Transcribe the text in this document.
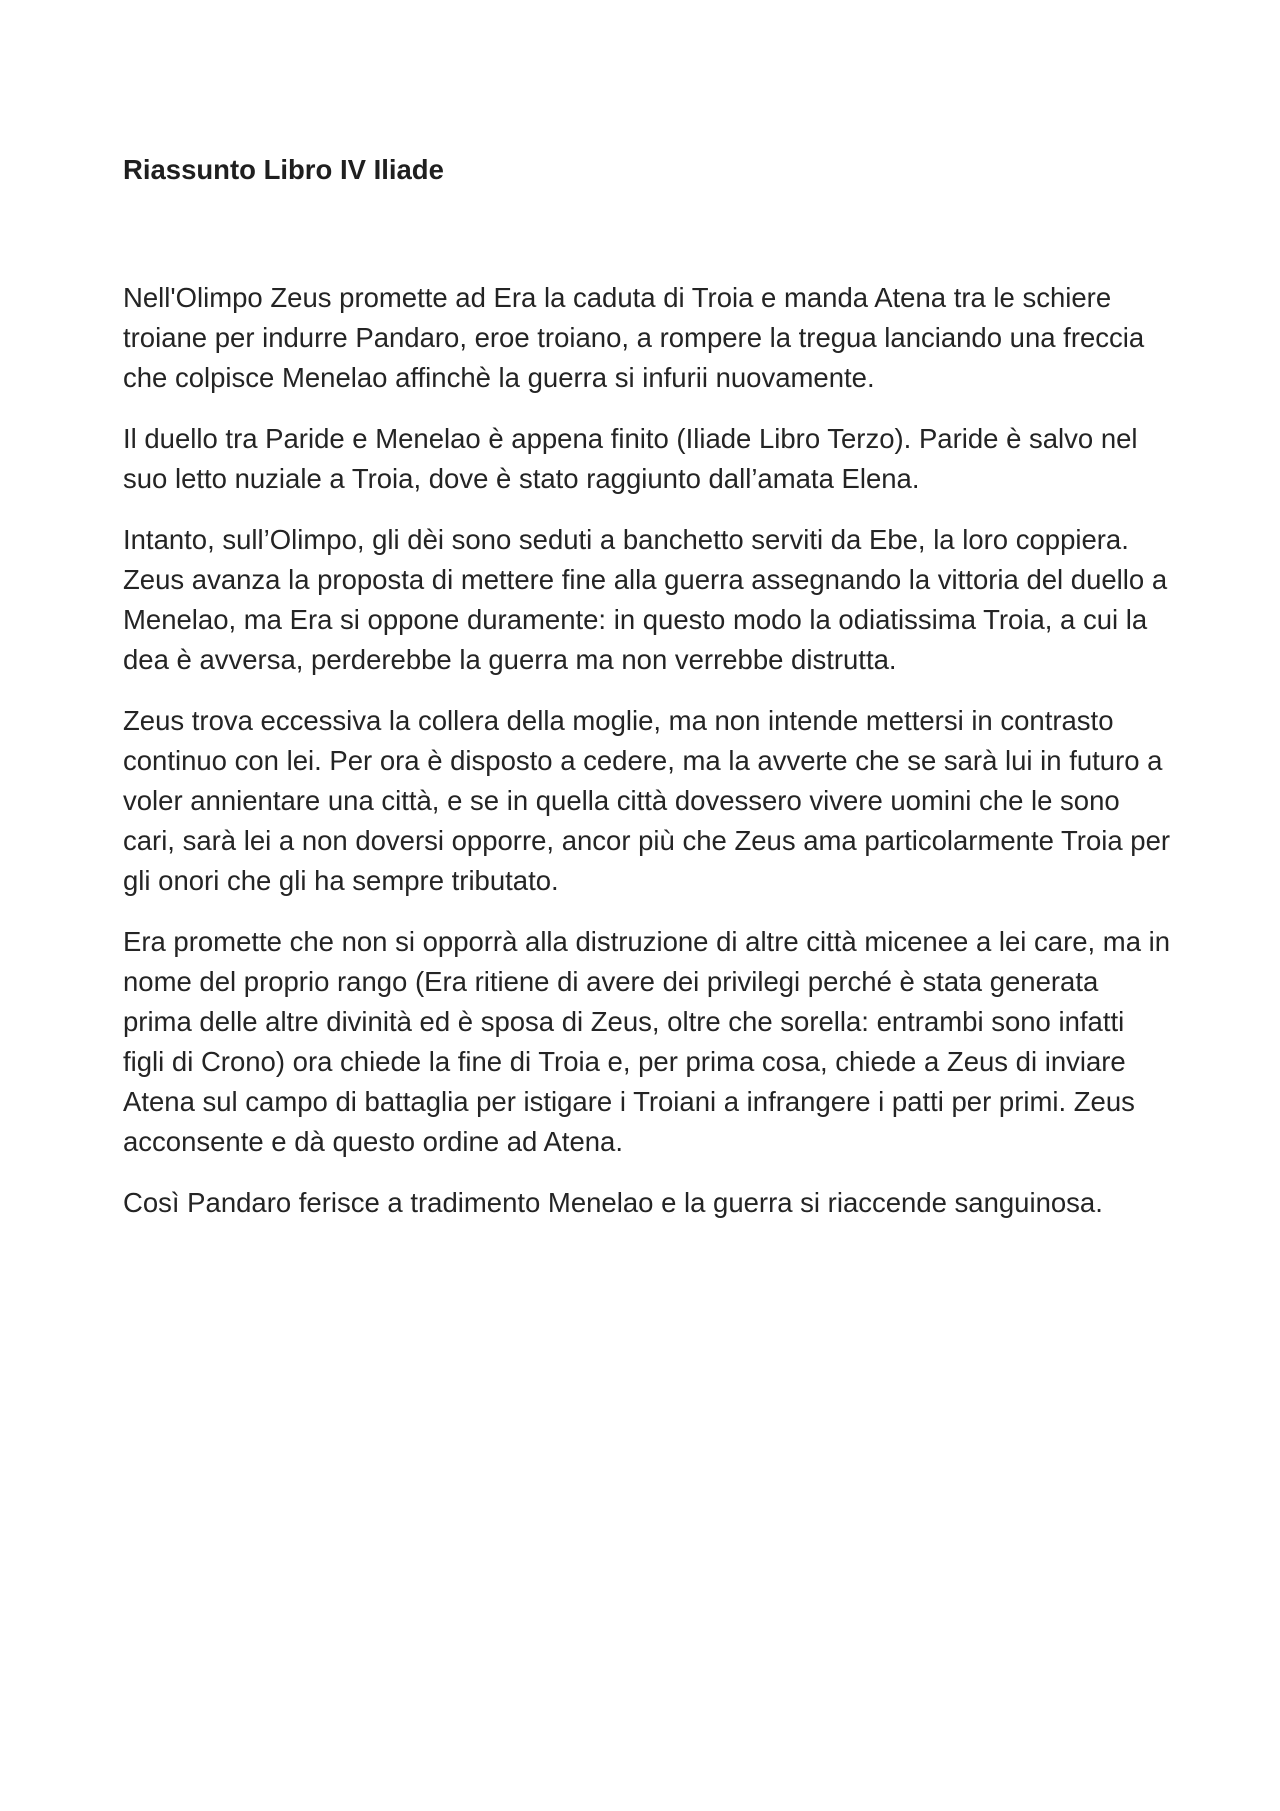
Riassunto Libro IV Iliade

Nell'Olimpo Zeus promette ad Era la caduta di Troia e manda Atena tra le schiere troiane per indurre Pandaro, eroe troiano, a rompere la tregua lanciando una freccia che colpisce Menelao affinchè la guerra si infurii nuovamente.

Il duello tra Paride e Menelao è appena finito (Iliade Libro Terzo). Paride è salvo nel suo letto nuziale a Troia, dove è stato raggiunto dall’amata Elena.

Intanto, sull’Olimpo, gli dèi sono seduti a banchetto serviti da Ebe, la loro coppiera. Zeus avanza la proposta di mettere fine alla guerra assegnando la vittoria del duello a Menelao, ma Era si oppone duramente: in questo modo la odiatissima Troia, a cui la dea è avversa, perderebbe la guerra ma non verrebbe distrutta.

Zeus trova eccessiva la collera della moglie, ma non intende mettersi in contrasto continuo con lei. Per ora è disposto a cedere, ma la avverte che se sarà lui in futuro a voler annientare una città, e se in quella città dovessero vivere uomini che le sono cari, sarà lei a non doversi opporre, ancor più che Zeus ama particolarmente Troia per gli onori che gli ha sempre tributato.

Era promette che non si opporrà alla distruzione di altre città micenee a lei care, ma in nome del proprio rango (Era ritiene di avere dei privilegi perché è stata generata prima delle altre divinità ed è sposa di Zeus, oltre che sorella: entrambi sono infatti figli di Crono) ora chiede la fine di Troia e, per prima cosa, chiede a Zeus di inviare Atena sul campo di battaglia per istigare i Troiani a infrangere i patti per primi. Zeus acconsente e dà questo ordine ad Atena.

Così Pandaro ferisce a tradimento Menelao e la guerra si riaccende sanguinosa.
